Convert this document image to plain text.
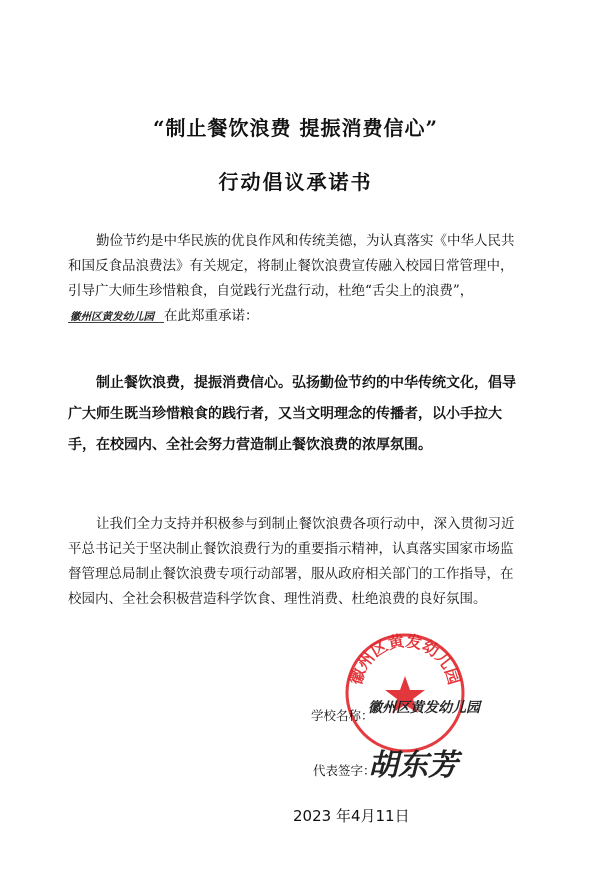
“制止餐饮浪费 提振消费信心”
行动倡议承诺书
勤俭节约是中华民族的优良作风和传统美德，为认真落实《中华人民共和国反食品浪费法》有关规定，将制止餐饮浪费宣传融入校园日常管理中，引导广大师生珍惜粮食，自觉践行光盘行动，杜绝“舌尖上的浪费”，
徽州区黄发幼儿园 在此郑重承诺：
制止餐饮浪费，提振消费信心。弘扬勤俭节约的中华传统文化，倡导广大师生既当珍惜粮食的践行者，又当文明理念的传播者，以小手拉大手，在校园内、全社会努力营造制止餐饮浪费的浓厚氛围。
让我们全力支持并积极参与到制止餐饮浪费各项行动中，深入贯彻习近平总书记关于坚决制止餐饮浪费行为的重要指示精神，认真落实国家市场监督管理总局制止餐饮浪费专项行动部署，服从政府相关部门的工作指导，在校园内、全社会积极营造科学饮食、理性消费、杜绝浪费的良好氛围。
徽州区黄发幼儿园
学校名称：
徽州区黄发幼儿园
代表签字：
胡东芳
2023 年4月11日
